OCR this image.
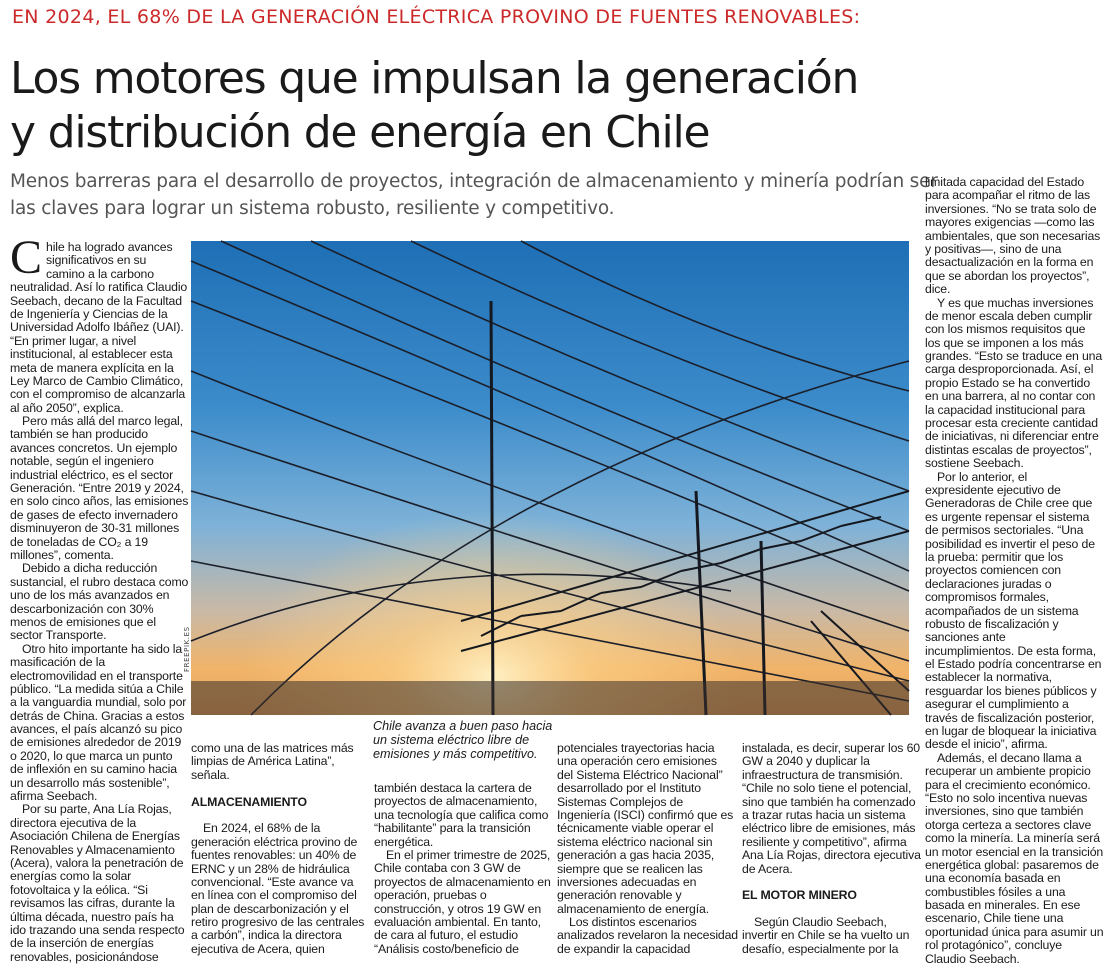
EN 2024, EL 68% DE LA GENERACIÓN ELÉCTRICA PROVINO DE FUENTES RENOVABLES:
Los motores que impulsan la generación
y distribución de energía en Chile
Menos barreras para el desarrollo de proyectos, integración de almacenamiento y minería podrían ser
las claves para lograr un sistema robusto, resiliente y competitivo.
C hile ha logrado avances
significativos en su
camino a la carbono
neutralidad. Así lo ratifica Claudio
Seebach, decano de la Facultad
de Ingeniería y Ciencias de la
Universidad Adolfo Ibáñez (UAI).
“En primer lugar, a nivel
institucional, al establecer esta
meta de manera explícita en la
Ley Marco de Cambio Climático,
con el compromiso de alcanzarla
al año 2050”, explica.
Pero más allá del marco legal,
también se han producido
avances concretos. Un ejemplo
notable, según el ingeniero
industrial eléctrico, es el sector
Generación. “Entre 2019 y 2024,
en solo cinco años, las emisiones
de gases de efecto invernadero
disminuyeron de 30-31 millones
de toneladas de CO₂ a 19
millones”, comenta.
Debido a dicha reducción
sustancial, el rubro destaca como
uno de los más avanzados en
descarbonización con 30%
menos de emisiones que el
sector Transporte.
Otro hito importante ha sido la
masificación de la
electromovilidad en el transporte
público. “La medida sitúa a Chile
a la vanguardia mundial, solo por
detrás de China. Gracias a estos
avances, el país alcanzó su pico
de emisiones alrededor de 2019
o 2020, lo que marca un punto
de inflexión en su camino hacia
un desarrollo más sostenible”,
afirma Seebach.
Por su parte, Ana Lía Rojas,
directora ejecutiva de la
Asociación Chilena de Energías
Renovables y Almacenamiento
(Acera), valora la penetración de
energías como la solar
fotovoltaica y la eólica. “Si
revisamos las cifras, durante la
última década, nuestro país ha
ido trazando una senda respecto
de la inserción de energías
renovables, posicionándose
FREEPIK.ES
Chile avanza a buen paso hacia
un sistema eléctrico libre de
emisiones y más competitivo.
como una de las matrices más
limpias de América Latina”,
señala.
ALMACENAMIENTO
En 2024, el 68% de la
generación eléctrica provino de
fuentes renovables: un 40% de
ERNC y un 28% de hidráulica
convencional. “Este avance va
en línea con el compromiso del
plan de descarbonización y el
retiro progresivo de las centrales
a carbón”, indica la directora
ejecutiva de Acera, quien
también destaca la cartera de
proyectos de almacenamiento,
una tecnología que califica como
“habilitante” para la transición
energética.
En el primer trimestre de 2025,
Chile contaba con 3 GW de
proyectos de almacenamiento en
operación, pruebas o
construcción, y otros 19 GW en
evaluación ambiental. En tanto,
de cara al futuro, el estudio
“Análisis costo/beneficio de
potenciales trayectorias hacia
una operación cero emisiones
del Sistema Eléctrico Nacional”
desarrollado por el Instituto
Sistemas Complejos de
Ingeniería (ISCI) confirmó que es
técnicamente viable operar el
sistema eléctrico nacional sin
generación a gas hacia 2035,
siempre que se realicen las
inversiones adecuadas en
generación renovable y
almacenamiento de energía.
Los distintos escenarios
analizados revelaron la necesidad
de expandir la capacidad
instalada, es decir, superar los 60
GW a 2040 y duplicar la
infraestructura de transmisión.
“Chile no solo tiene el potencial,
sino que también ha comenzado
a trazar rutas hacia un sistema
eléctrico libre de emisiones, más
resiliente y competitivo”, afirma
Ana Lía Rojas, directora ejecutiva
de Acera.
EL MOTOR MINERO
Según Claudio Seebach,
invertir en Chile se ha vuelto un
desafío, especialmente por la
limitada capacidad del Estado
para acompañar el ritmo de las
inversiones. “No se trata solo de
mayores exigencias —como las
ambientales, que son necesarias
y positivas—, sino de una
desactualización en la forma en
que se abordan los proyectos”,
dice.
Y es que muchas inversiones
de menor escala deben cumplir
con los mismos requisitos que
los que se imponen a los más
grandes. “Esto se traduce en una
carga desproporcionada. Así, el
propio Estado se ha convertido
en una barrera, al no contar con
la capacidad institucional para
procesar esta creciente cantidad
de iniciativas, ni diferenciar entre
distintas escalas de proyectos”,
sostiene Seebach.
Por lo anterior, el
expresidente ejecutivo de
Generadoras de Chile cree que
es urgente repensar el sistema
de permisos sectoriales. “Una
posibilidad es invertir el peso de
la prueba: permitir que los
proyectos comiencen con
declaraciones juradas o
compromisos formales,
acompañados de un sistema
robusto de fiscalización y
sanciones ante
incumplimientos. De esta forma,
el Estado podría concentrarse en
establecer la normativa,
resguardar los bienes públicos y
asegurar el cumplimiento a
través de fiscalización posterior,
en lugar de bloquear la iniciativa
desde el inicio”, afirma.
Además, el decano llama a
recuperar un ambiente propicio
para el crecimiento económico.
“Esto no solo incentiva nuevas
inversiones, sino que también
otorga certeza a sectores clave
como la minería. La minería será
un motor esencial en la transición
energética global: pasaremos de
una economía basada en
combustibles fósiles a una
basada en minerales. En ese
escenario, Chile tiene una
oportunidad única para asumir un
rol protagónico”, concluye
Claudio Seebach.
